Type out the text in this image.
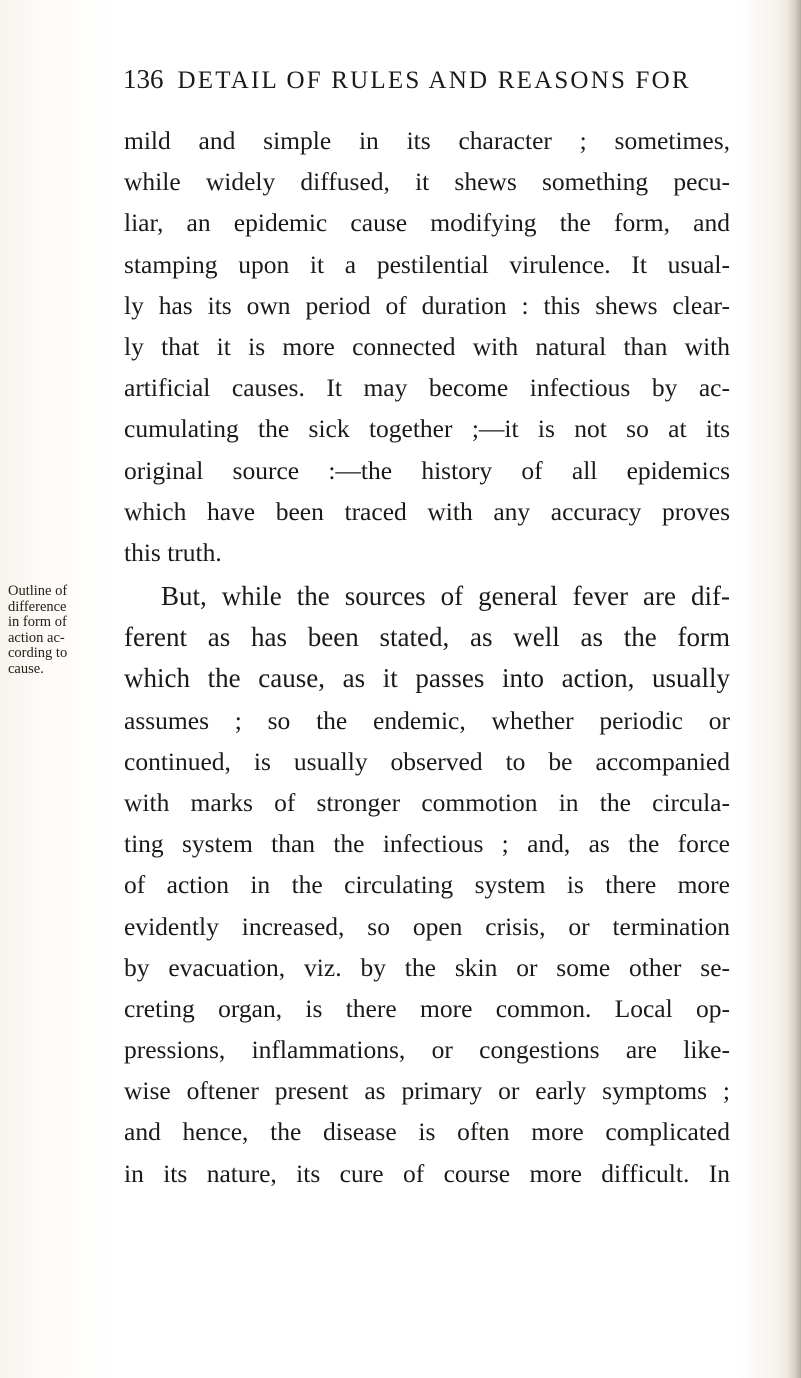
136 DETAIL OF RULES AND REASONS FOR
mild and simple in its character ; sometimes,
while widely diffused, it shews something pecu-
liar, an epidemic cause modifying the form, and
stamping upon it a pestilential virulence. It usual-
ly has its own period of duration : this shews clear-
ly that it is more connected with natural than with
artificial causes. It may become infectious by ac-
cumulating the sick together ;—it is not so at its
original source :—the history of all epidemics
which have been traced with any accuracy proves
this truth.
Outline of
difference
in form of
action ac-
cording to
cause.
But, while the sources of general fever are dif-
ferent as has been stated, as well as the form
which the cause, as it passes into action, usually
assumes ; so the endemic, whether periodic or
continued, is usually observed to be accompanied
with marks of stronger commotion in the circula-
ting system than the infectious ; and, as the force
of action in the circulating system is there more
evidently increased, so open crisis, or termination
by evacuation, viz. by the skin or some other se-
creting organ, is there more common. Local op-
pressions, inflammations, or congestions are like-
wise oftener present as primary or early symptoms ;
and hence, the disease is often more complicated
in its nature, its cure of course more difficult. In
